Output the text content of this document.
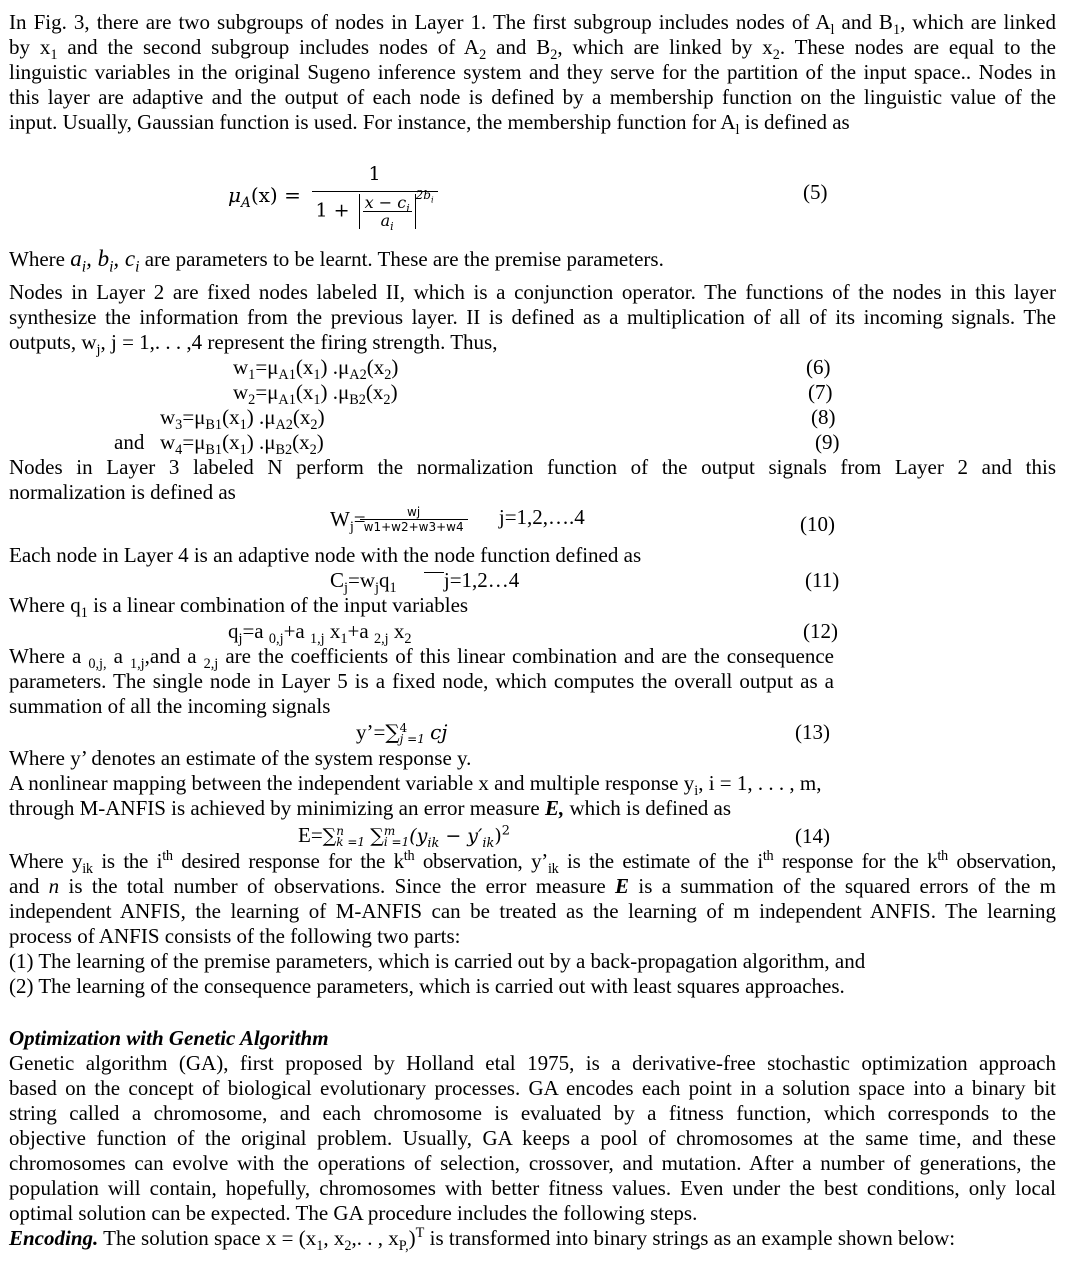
In Fig. 3, there are two subgroups of nodes in Layer 1. The first subgroup includes nodes of $A_l$ and $B_1$, which are linked
by $x_1$ and the second subgroup includes nodes of $A_2$ and $B_2$, which are linked by $x_2$. These nodes are equal to the
linguistic variables in the original Sugeno inference system and they serve for the partition of the input space.. Nodes in
this layer are adaptive and the output of each node is defined by a membership function on the linguistic value of the
input. Usually, Gaussian function is used. For instance, the membership function for $A_l$ is defined as
$\mu_A(x)$ =
1
$1 + \frac{x - c_i}{a_i} ^{2b_i}$	(5)
Where $a_i$, $b_i$, $c_i$ are parameters to be learnt. These are the premise parameters.
Nodes in Layer 2 are fixed nodes labeled II, which is a conjunction operator. The functions of the nodes in this layer
synthesize the information from the previous layer. II is defined as a multiplication of all of its incoming signals. The
outputs, $w_j$, j = 1,. . . ,4 represent the firing strength. Thus,
$w_1=\mu_{A1}(x_1)$ $.\mu_{A2}(x_2)$	(6)
$w_2=\mu_{A1}(x_1)$ $.\mu_{B2}(x_2)$	(7)
$w_3=\mu_{B1}(x_1)$ $.\mu_{A2}(x_2)$	(8)
and $w_4=\mu_{B1}(x_1)$ $.\mu_{B2}(x_2)$	(9)
Nodes in Layer 3 labeled N perform the normalization function of the output signals from Layer 2 and this
normalization is defined as
$W_j=$
$\frac{wj}{w1+w2+w3+w4}$ j=1,2,….4	(10)
Each node in Layer 4 is an adaptive node with the node function defined as
$C_j=w_jq_1$ j=1,2…4	(11)
Where $q_1$ is a linear combination of the input variables
$q_j=a$ $_{0,j}$+a $_{1,j}$ $x_1+a$ $_{2,j}$ $x_2$	(12)
Where a $_{0,j,}$ a $_{1,j}$,and a $_{2,j}$ are the coefficients of this linear combination and are the consequence
parameters. The single node in Layer 5 is a fixed node, which computes the overall output as a
summation of all the incoming signals
y’=∑ 4
j =1 cj	(13)
Where y’ denotes an estimate of the system response y.
A nonlinear mapping between the independent variable x and multiple response $y_i$, i = 1, . . . , m,
through M-ANFIS is achieved by minimizing an error measure E, which is defined as
E=∑ n
k =1 ∑ m
i =1 $(y_{ik} - y'_{ik})^2$	(14)
Where $y_{ik}$ is the $i^{th}$ desired response for the $k^{th}$ observation, $y’_{ik}$ is the estimate of the $i^{th}$ response for the $k^{th}$ observation,
and n is the total number of observations. Since the error measure E is a summation of the squared errors of the m
independent ANFIS, the learning of M-ANFIS can be treated as the learning of m independent ANFIS. The learning
process of ANFIS consists of the following two parts:
(1) The learning of the premise parameters, which is carried out by a back-propagation algorithm, and
(2) The learning of the consequence parameters, which is carried out with least squares approaches.
Optimization with Genetic Algorithm
Genetic algorithm (GA), first proposed by Holland etal 1975, is a derivative-free stochastic optimization approach
based on the concept of biological evolutionary processes. GA encodes each point in a solution space into a binary bit
string called a chromosome, and each chromosome is evaluated by a fitness function, which corresponds to the
objective function of the original problem. Usually, GA keeps a pool of chromosomes at the same time, and these
chromosomes can evolve with the operations of selection, crossover, and mutation. After a number of generations, the
population will contain, hopefully, chromosomes with better fitness values. Even under the best conditions, only local
optimal solution can be expected. The GA procedure includes the following steps.
Encoding. The solution space $x = (x_1$, $x_2$,. . , $x_{P,})^T$ is transformed into binary strings as an example shown below:
